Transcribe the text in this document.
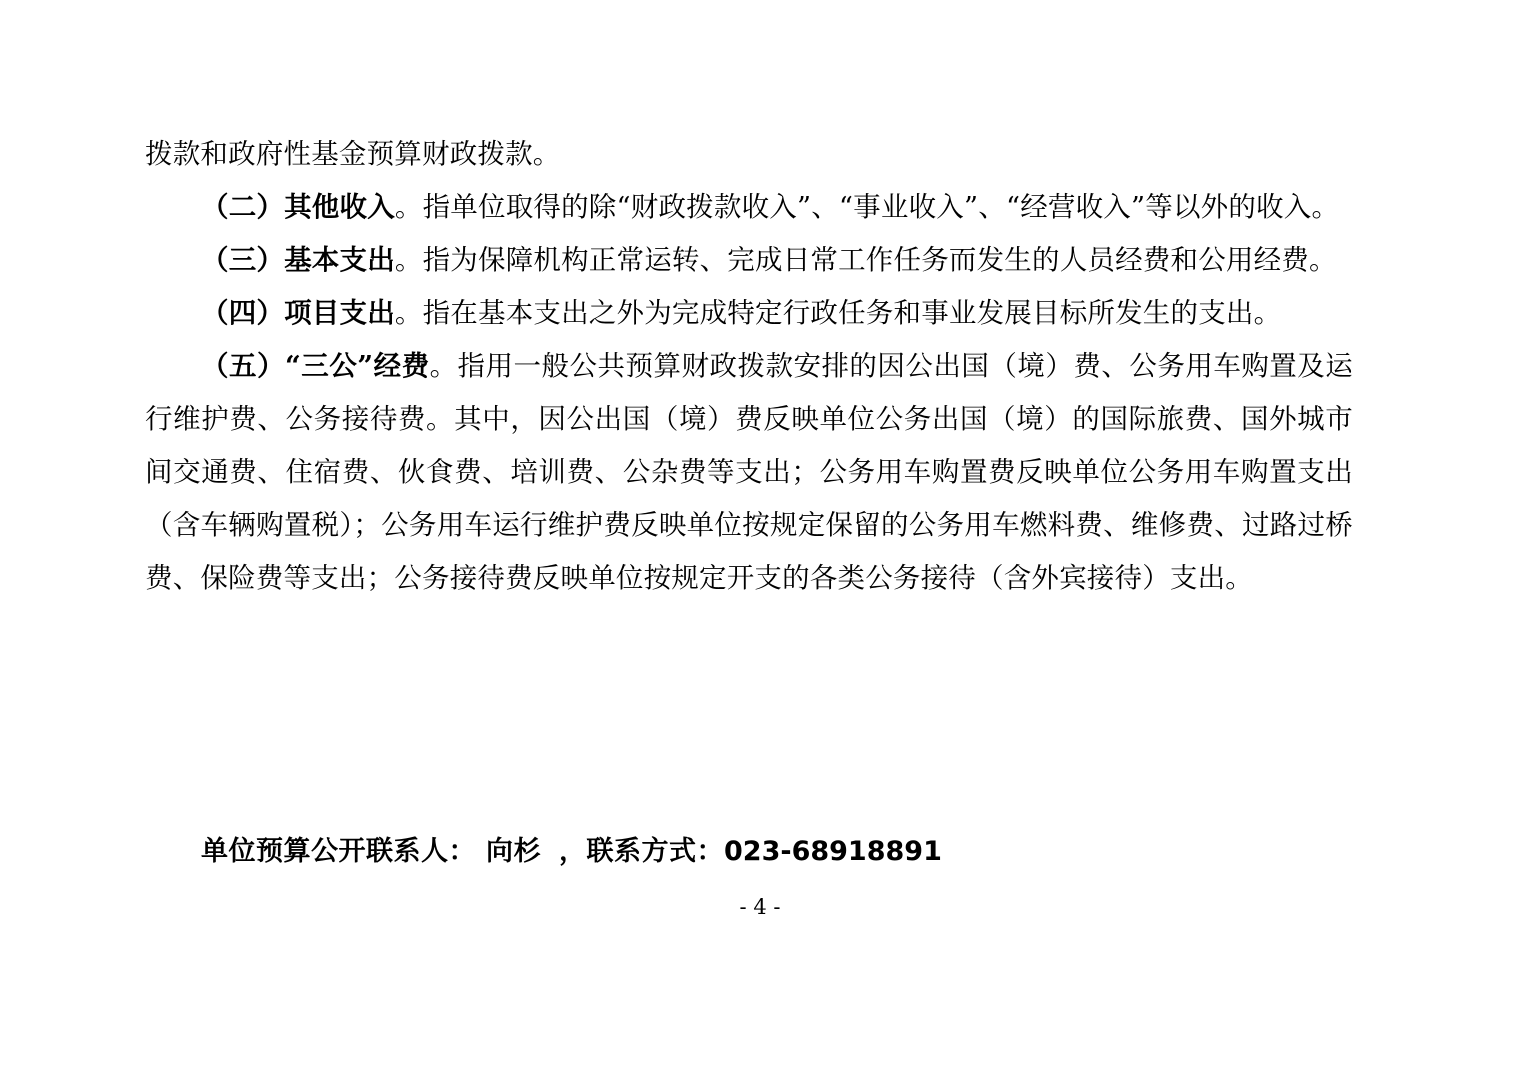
拨款和政府性基金预算财政拨款。

（二）其他收入。指单位取得的除“财政拨款收入”、“事业收入”、“经营收入”等以外的收入。

（三）基本支出。指为保障机构正常运转、完成日常工作任务而发生的人员经费和公用经费。

（四）项目支出。指在基本支出之外为完成特定行政任务和事业发展目标所发生的支出。

（五）“三公”经费。指用一般公共预算财政拨款安排的因公出国（境）费、公务用车购置及运行维护费、公务接待费。其中，因公出国（境）费反映单位公务出国（境）的国际旅费、国外城市间交通费、住宿费、伙食费、培训费、公杂费等支出；公务用车购置费反映单位公务用车购置支出（含车辆购置税）；公务用车运行维护费反映单位按规定保留的公务用车燃料费、维修费、过路过桥费、保险费等支出；公务接待费反映单位按规定开支的各类公务接待（含外宾接待）支出。

单位预算公开联系人： 向杉 ，联系方式：023-68918891

- 4 -
